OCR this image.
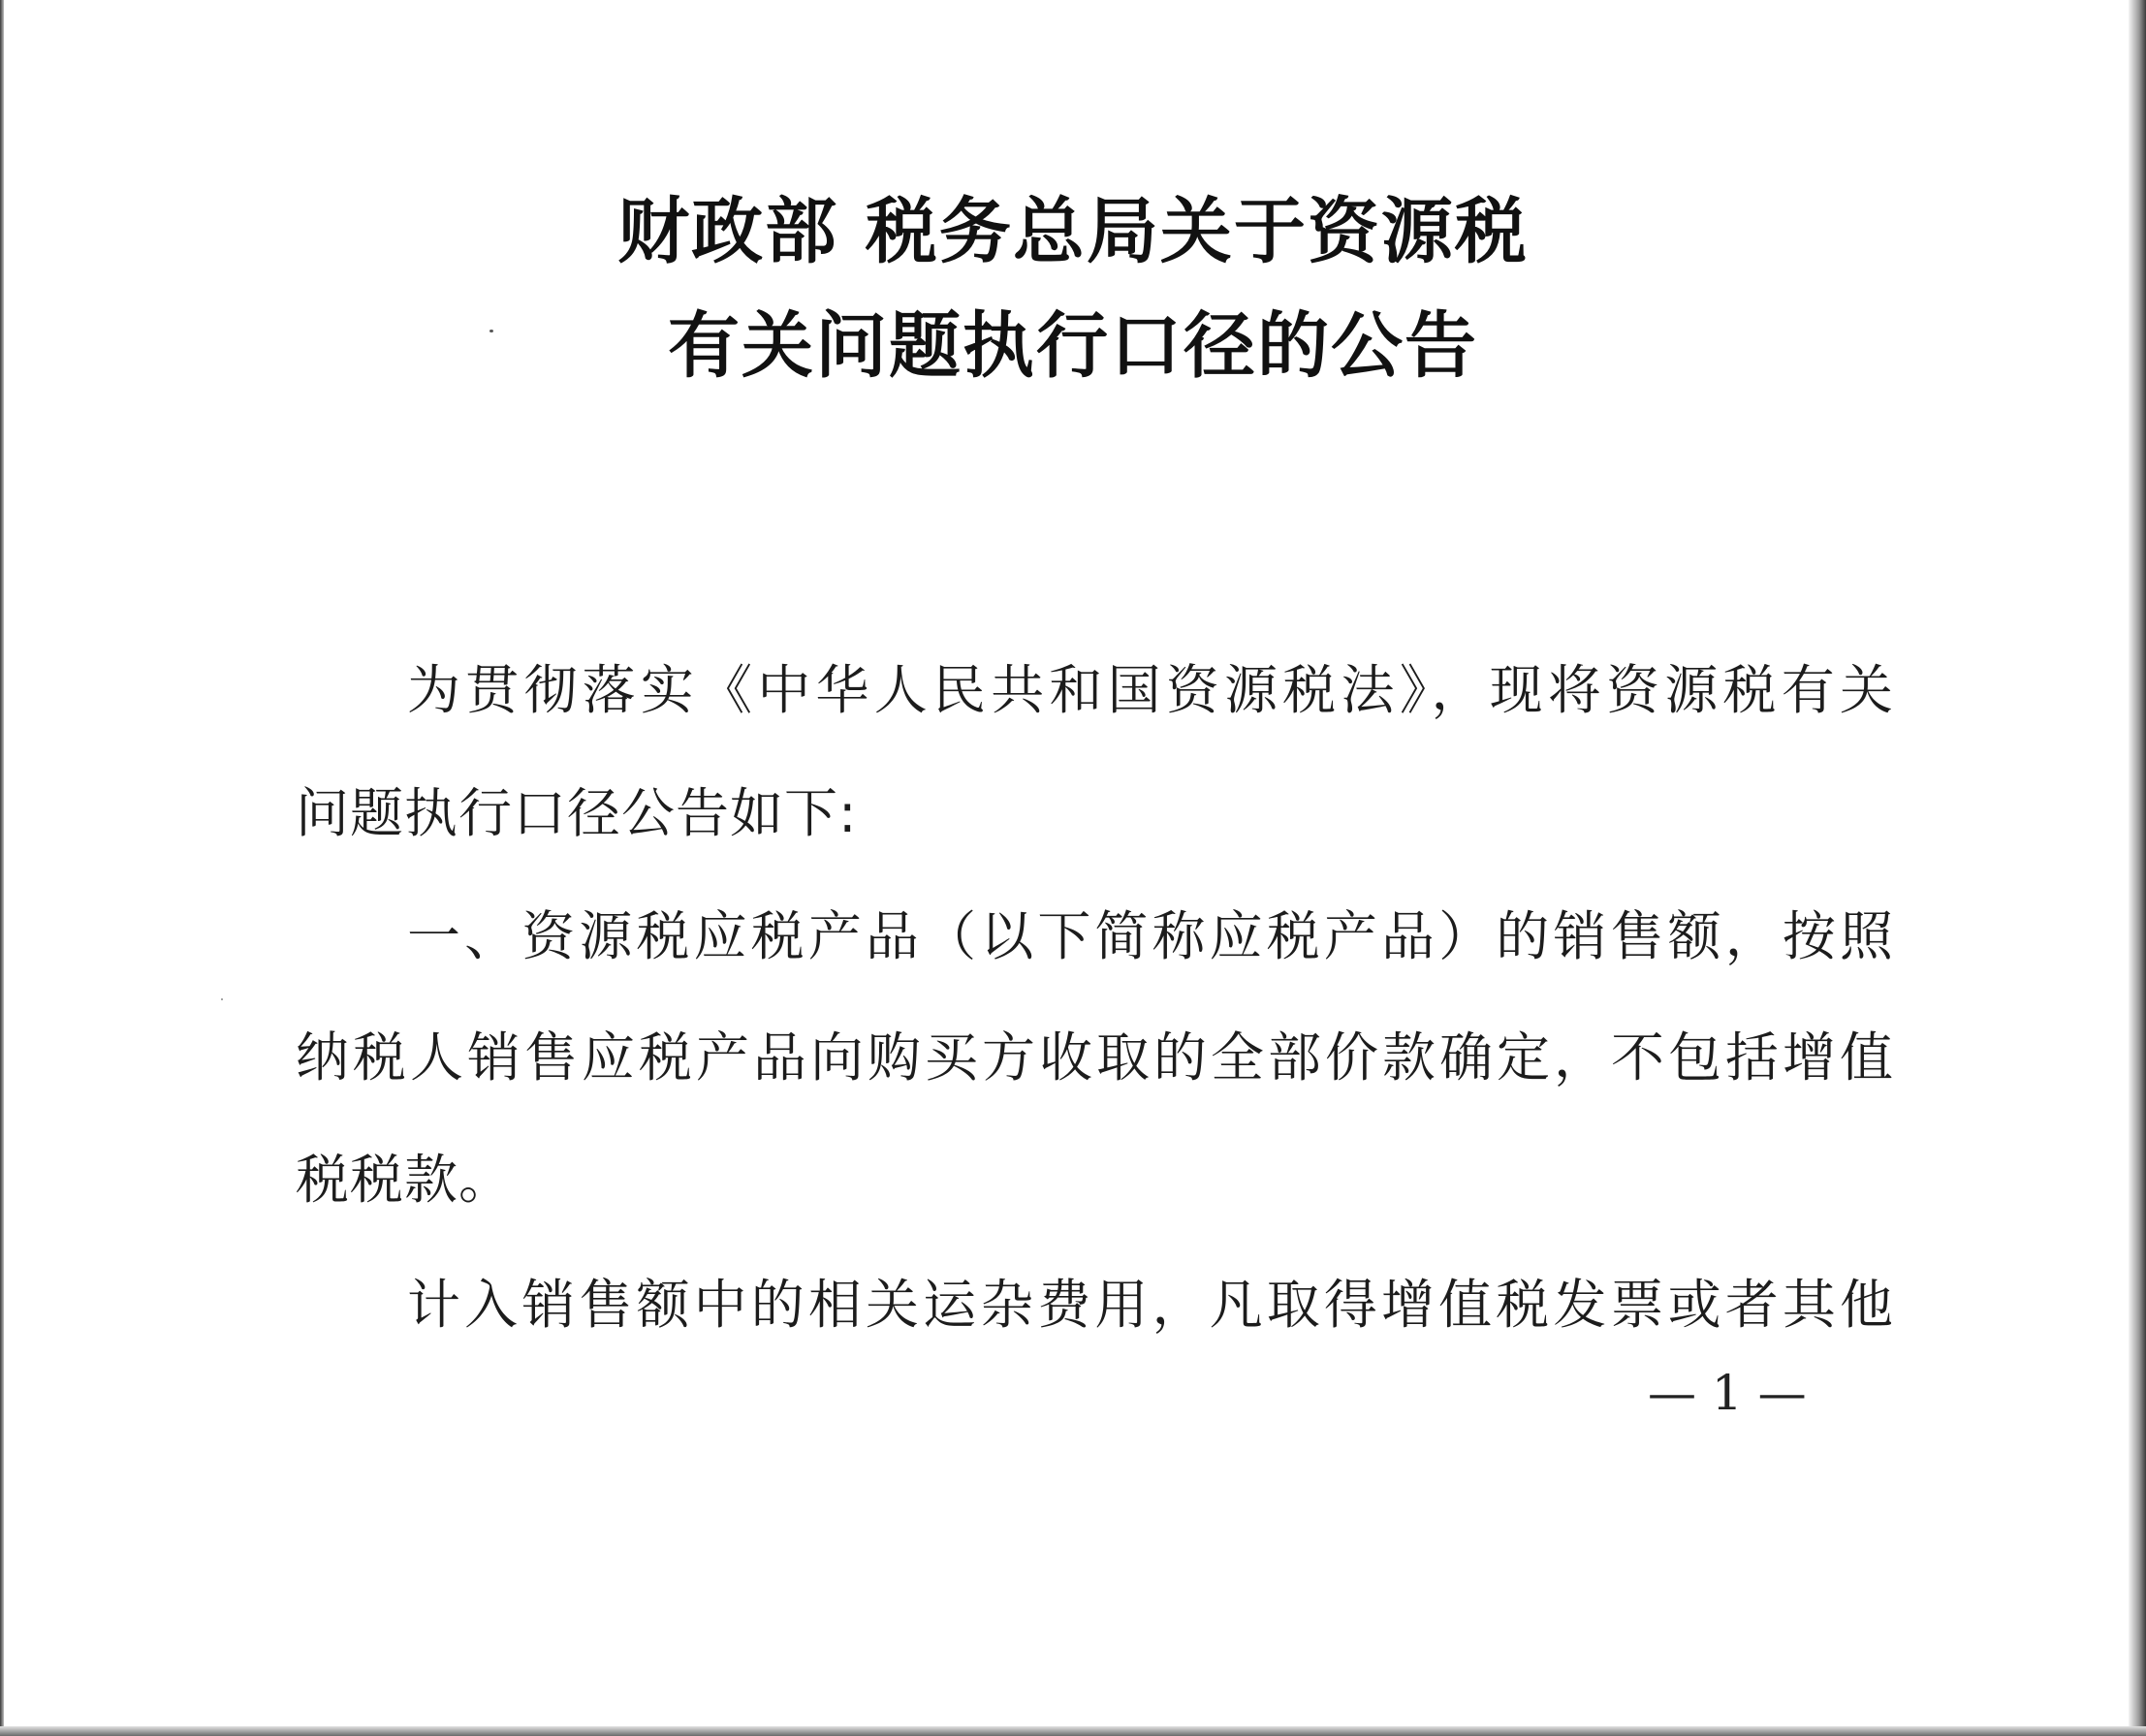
财政部 税务总局关于资源税
有关问题执行口径的公告
为贯彻落实《中华人民共和国资源税法》，现将资源税有关
问题执行口径公告如下:
一、资源税应税产品（以下简称应税产品）的销售额，按照
纳税人销售应税产品向购买方收取的全部价款确定，不包括增值
税税款。
计入销售额中的相关运杂费用，凡取得增值税发票或者其他
— 1 —
